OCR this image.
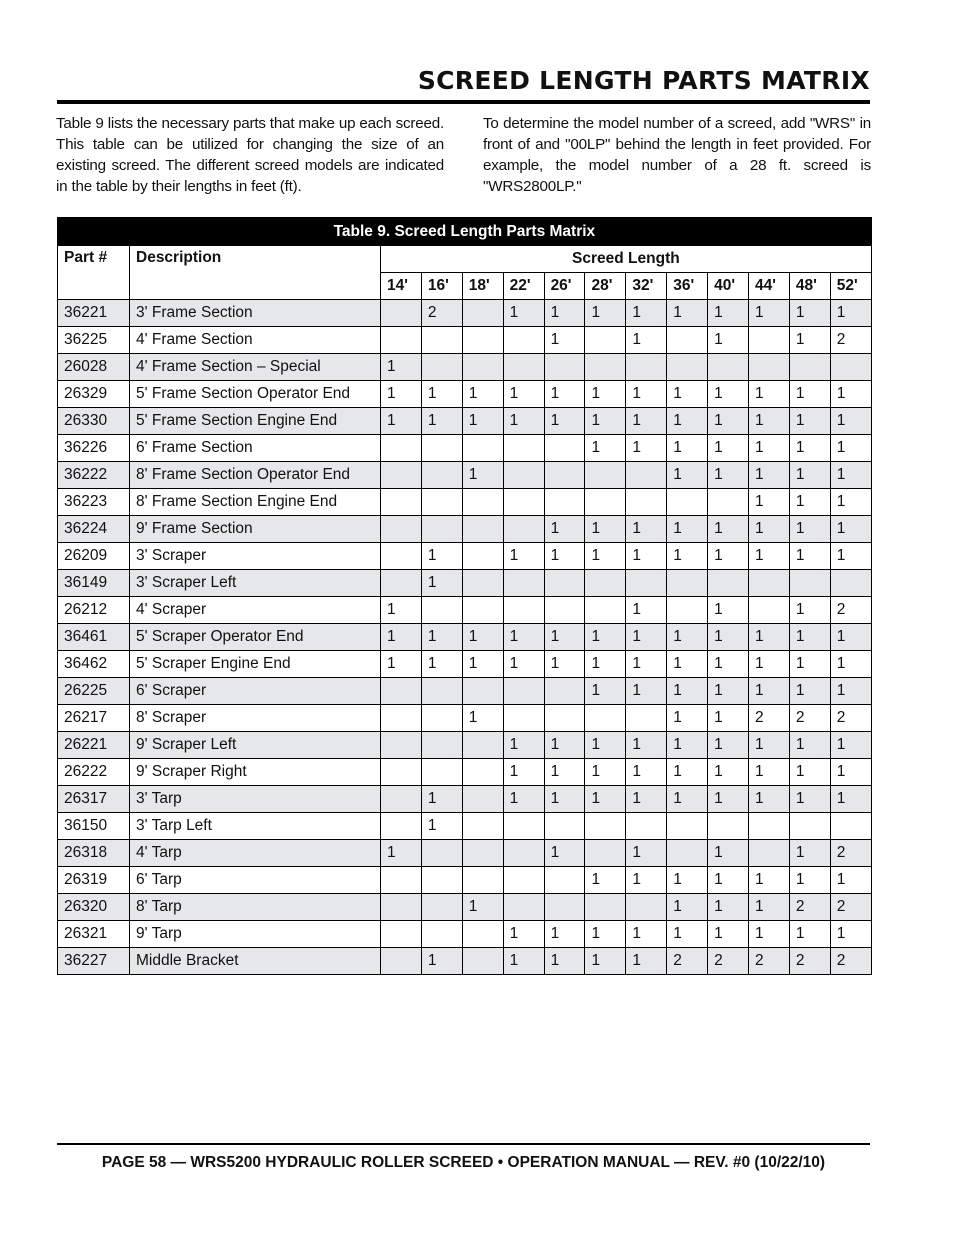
SCREED LENGTH PARTS MATRIX
Table 9 lists the necessary parts that make up each screed. This table can be utilized for changing the size of an existing screed. The different screed models are indicated in the table by their lengths in feet (ft).
To determine the model number of a screed, add "WRS" in front of and "00LP" behind the length in feet provided. For example, the model number of a 28 ft. screed is "WRS2800LP."
Table 9. Screed Length Parts Matrix													
Part #	Description	Screed Length											
		14'	16'	18'	22'	26'	28'	32'	36'	40'	44'	48'	52'
36221	3' Frame Section		2		1	1	1	1	1	1	1	1	1
36225	4' Frame Section					1		1		1		1	2
26028	4' Frame Section – Special	1											
26329	5' Frame Section Operator End	1	1	1	1	1	1	1	1	1	1	1	1
26330	5' Frame Section Engine End	1	1	1	1	1	1	1	1	1	1	1	1
36226	6' Frame Section						1	1	1	1	1	1	1
36222	8' Frame Section Operator End			1					1	1	1	1	1
36223	8' Frame Section Engine End										1	1	1
36224	9' Frame Section					1	1	1	1	1	1	1	1
26209	3' Scraper		1		1	1	1	1	1	1	1	1	1
36149	3' Scraper Left		1										
26212	4' Scraper	1						1		1		1	2
36461	5' Scraper Operator End	1	1	1	1	1	1	1	1	1	1	1	1
36462	5' Scraper Engine End	1	1	1	1	1	1	1	1	1	1	1	1
26225	6' Scraper						1	1	1	1	1	1	1
26217	8' Scraper			1					1	1	2	2	2
26221	9' Scraper Left				1	1	1	1	1	1	1	1	1
26222	9' Scraper Right				1	1	1	1	1	1	1	1	1
26317	3' Tarp		1		1	1	1	1	1	1	1	1	1
36150	3' Tarp Left		1										
26318	4' Tarp	1				1		1		1		1	2
26319	6' Tarp						1	1	1	1	1	1	1
26320	8' Tarp			1					1	1	1	2	2
26321	9' Tarp				1	1	1	1	1	1	1	1	1
36227	Middle Bracket		1		1	1	1	1	2	2	2	2	2
PAGE 58 — WRS5200 HYDRAULIC ROLLER SCREED • OPERATION MANUAL — REV. #0 (10/22/10)
